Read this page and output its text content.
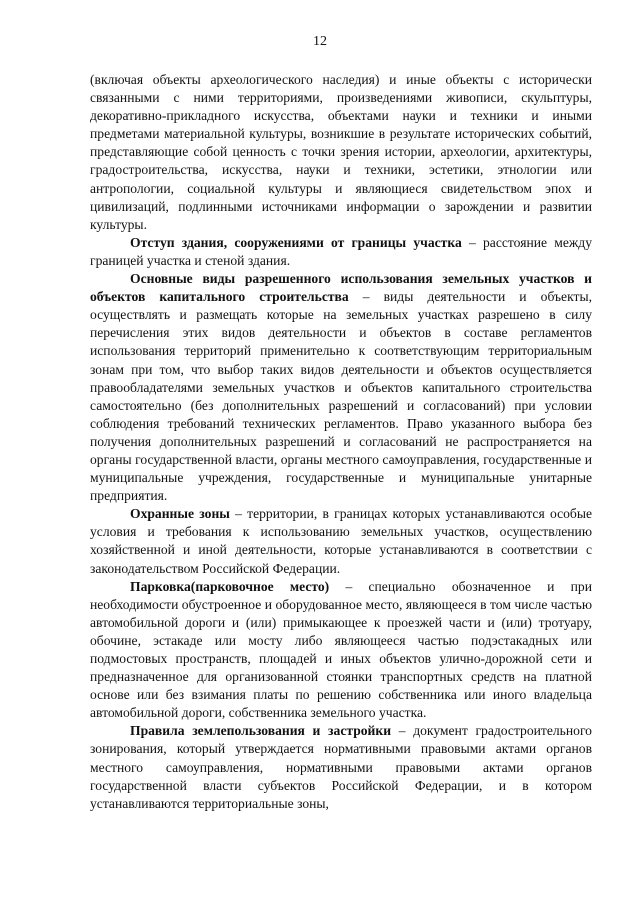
12

(включая объекты археологического наследия) и иные объекты с исторически связанными с ними территориями, произведениями живописи, скульптуры, декоративно-прикладного искусства, объектами науки и техники и иными предметами материальной культуры, возникшие в результате исторических событий, представляющие собой ценность с точки зрения истории, археологии, архитектуры, градостроительства, искусства, науки и техники, эстетики, этнологии или антропологии, социальной культуры и являющиеся свидетельством эпох и цивилизаций, подлинными источниками информации о зарождении и развитии культуры.

Отступ здания, сооружениями от границы участка – расстояние между границей участка и стеной здания.

Основные виды разрешенного использования земельных участков и объектов капитального строительства – виды деятельности и объекты, осуществлять и размещать которые на земельных участках разрешено в силу перечисления этих видов деятельности и объектов в составе регламентов использования территорий применительно к соответствующим территориальным зонам при том, что выбор таких видов деятельности и объектов осуществляется правообладателями земельных участков и объектов капитального строительства самостоятельно (без дополнительных разрешений и согласований) при условии соблюдения требований технических регламентов. Право указанного выбора без получения дополнительных разрешений и согласований не распространяется на органы государственной власти, органы местного самоуправления, государственные и муниципальные учреждения, государственные и муниципальные унитарные предприятия.

Охранные зоны – территории, в границах которых устанавливаются особые условия и требования к использованию земельных участков, осуществлению хозяйственной и иной деятельности, которые устанавливаются в соответствии с законодательством Российской Федерации.

Парковка(парковочное место) – специально обозначенное и при необходимости обустроенное и оборудованное место, являющееся в том числе частью автомобильной дороги и (или) примыкающее к проезжей части и (или) тротуару, обочине, эстакаде или мосту либо являющееся частью подэстакадных или подмостовых пространств, площадей и иных объектов улично-дорожной сети и предназначенное для организованной стоянки транспортных средств на платной основе или без взимания платы по решению собственника или иного владельца автомобильной дороги, собственника земельного участка.

Правила землепользования и застройки – документ градостроительного зонирования, который утверждается нормативными правовыми актами органов местного самоуправления, нормативными правовыми актами органов государственной власти субъектов Российской Федерации, и в котором устанавливаются территориальные зоны,
